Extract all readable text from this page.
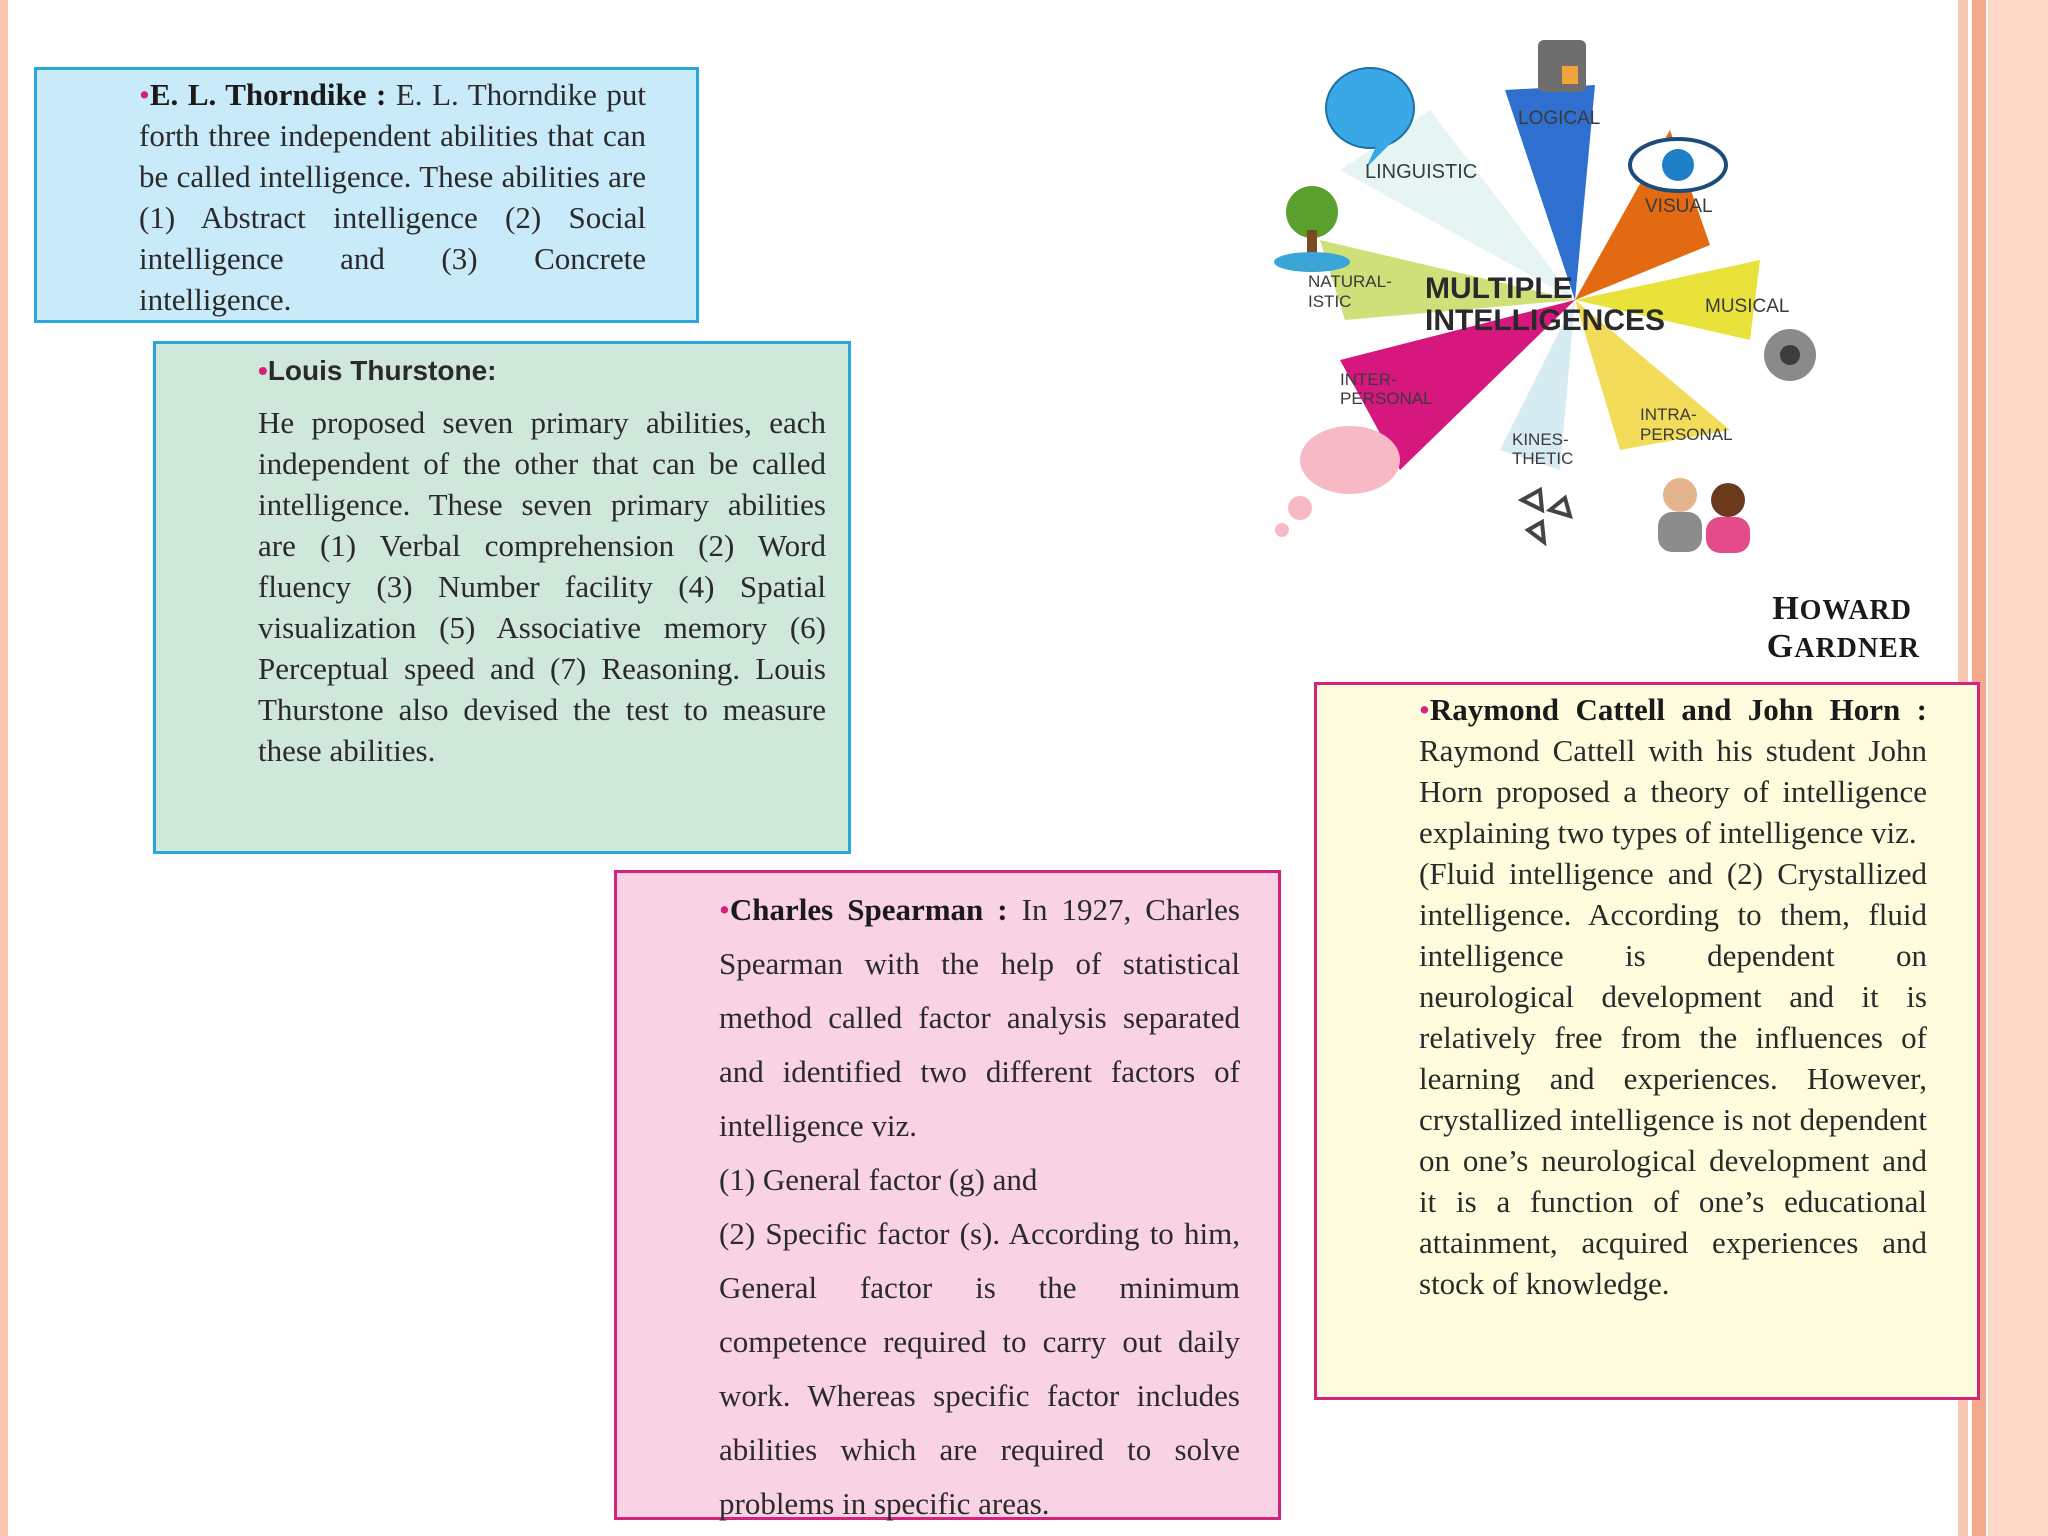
•E. L. Thorndike : E. L. Thorndike put forth three independent abilities that can be called intelligence. These abilities are (1) Abstract intelligence (2) Social intelligence and (3) Concrete intelligence.

•Louis Thurstone:

He proposed seven primary abilities, each independent of the other that can be called intelligence. These seven primary abilities are (1) Verbal comprehension (2) Word fluency (3) Number facility (4) Spatial visualization (5) Associative memory (6) Perceptual speed and (7) Reasoning. Louis Thurstone also devised the test to measure these abilities.

•Charles Spearman : In 1927, Charles Spearman with the help of statistical method called factor analysis separated and identified two different factors of intelligence viz.

(1) General factor (g) and

(2) Specific factor (s). According to him, General factor is the minimum competence required to carry out daily work. Whereas specific factor includes abilities which are required to solve problems in specific areas.

•Raymond Cattell and John Horn : Raymond Cattell with his student John Horn proposed a theory of intelligence explaining two types of intelligence viz.

(Fluid intelligence and (2) Crystallized intelligence. According to them, fluid intelligence is dependent on neurological development and it is relatively free from the influences of learning and experiences. However, crystallized intelligence is not dependent on one’s neurological development and it is a function of one’s educational attainment, acquired experiences and stock of knowledge.

HOWARD  GARDNER
LOGICAL
LINGUISTIC
VISUAL
MUSICAL
NATURAL-
ISTIC
INTER-
PERSONAL
KINES-
THETIC
INTRA-
PERSONAL
MULTIPLE
INTELLIGENCES
